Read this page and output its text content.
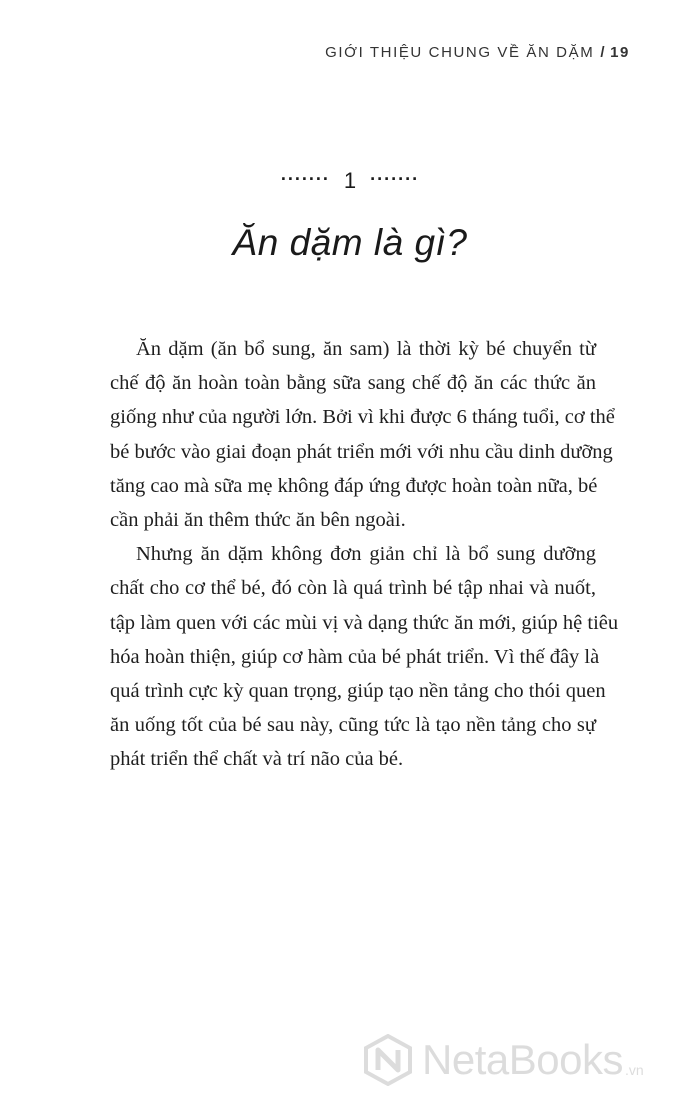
GIỚI THIỆU CHUNG VỀ ĂN DẶM / 19
······· 1 ·······
Ăn dặm là gì?

Ăn dặm (ăn bổ sung, ăn sam) là thời kỳ bé chuyển từ
chế độ ăn hoàn toàn bằng sữa sang chế độ ăn các thức ăn
giống như của người lớn. Bởi vì khi được 6 tháng tuổi, cơ thể
bé bước vào giai đoạn phát triển mới với nhu cầu dinh dưỡng
tăng cao mà sữa mẹ không đáp ứng được hoàn toàn nữa, bé
cần phải ăn thêm thức ăn bên ngoài.

Nhưng ăn dặm không đơn giản chỉ là bổ sung dưỡng
chất cho cơ thể bé, đó còn là quá trình bé tập nhai và nuốt,
tập làm quen với các mùi vị và dạng thức ăn mới, giúp hệ tiêu
hóa hoàn thiện, giúp cơ hàm của bé phát triển. Vì thế đây là
quá trình cực kỳ quan trọng, giúp tạo nền tảng cho thói quen
ăn uống tốt của bé sau này, cũng tức là tạo nền tảng cho sự
phát triển thể chất và trí não của bé.

NetaBooks .vn
